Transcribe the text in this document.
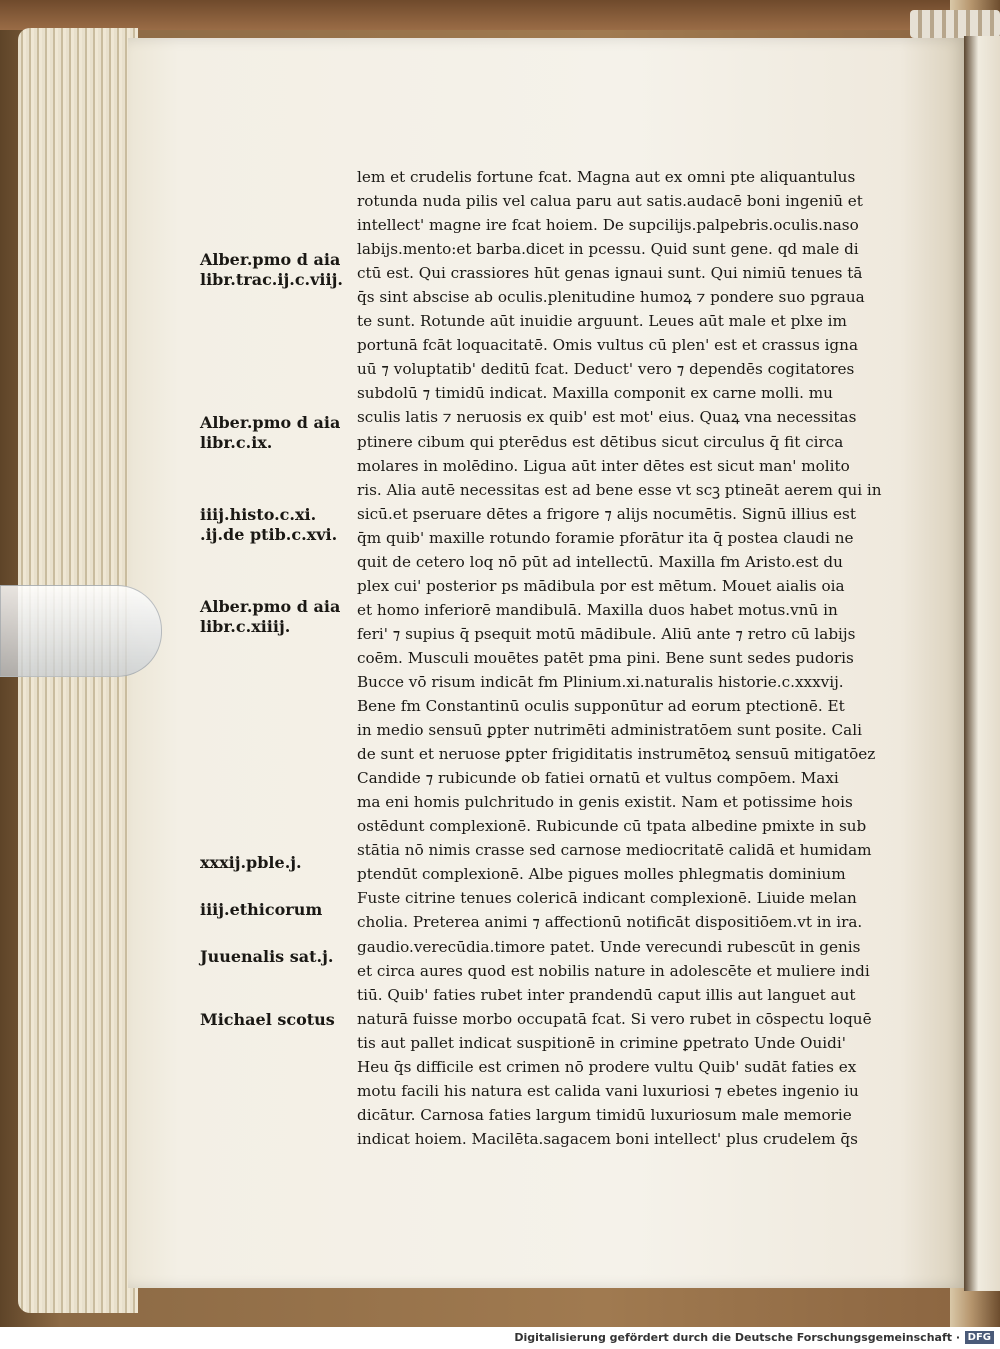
Alber.pmo d aia
libr.trac.ij.c.viij.
Alber.pmo d aia
libr.c.ix.
iiij.histo.c.xi.
.ij.de ptib.c.xvi.
Alber.pmo d aia
libr.c.xiiij.
xxxij.pble.j.
iiij.ethicorum
Juuenalis sat.j.
Michael scotus
lem et crudelis fortune fcat. Magna aut ex omni pte aliquantulus
rotunda nuda pilis vel calua paru aut satis.audacē boni ingeniū et
intellect' magne ire fcat hoiem. De supcilijs.palpebris.oculis.naso
labijs.mento:et barba.dicet in pcessu. Quid sunt gene. qd male di
ctū est. Qui crassiores hūt genas ignaui sunt. Qui nimiū tenues tā
q̄s sint abscise ab oculis.plenitudine humoꝝ ⁊ pondere suo pgraua
te sunt. Rotunde aūt inuidie arguunt. Leues aūt male et plxe im
portunā fcāt loquacitatē. Omis vultus cū plen' est et crassus igna
uū ⁊ voluptatib' deditū fcat. Deduct' vero ⁊ dependēs cogitatores
subdolū ⁊ timidū indicat. Maxilla componit ex carne molli. mu
sculis latis ⁊ neruosis ex quib' est mot' eius. Quaꝝ vna necessitas
ptinere cibum qui pterēdus est dētibus sicut circulus q̄ fit circa
molares in molēdino. Ligua aūt inter dētes est sicut man' molito
ris. Alia autē necessitas est ad bene esse vt scꝫ ptineāt aerem qui in
sicū.et pseruare dētes a frigore ⁊ alijs nocumētis. Signū illius est
q̄m quib' maxille rotundo foramie pforātur ita q̄ postea claudi ne
quit de cetero loq nō pūt ad intellectū. Maxilla fm Aristo.est du
plex cui' posterior ps mādibula por est mētum. Mouet aialis oia
et homo inferiorē mandibulā. Maxilla duos habet motus.vnū in
feri' ⁊ supius q̄ psequit motū mādibule. Aliū ante ⁊ retro cū labijs
coēm. Musculi mouētes patēt pma pini. Bene sunt sedes pudoris
Bucce vō risum indicāt fm Plinium.xi.naturalis historie.c.xxxvij.
Bene fm Constantinū oculis supponūtur ad eorum ptectionē. Et
in medio sensuū ꝑpter nutrimēti administratōem sunt posite. Cali
de sunt et neruose ꝑpter frigiditatis instrumētoꝝ sensuū mitigatōez
Candide ⁊ rubicunde ob fatiei ornatū et vultus compōem. Maxi
ma eni homis pulchritudo in genis existit. Nam et potissime hois
ostēdunt complexionē. Rubicunde cū tpata albedine pmixte in sub
stātia nō nimis crasse sed carnose mediocritatē calidā et humidam
ptendūt complexionē. Albe pigues molles phlegmatis dominium
Fuste citrine tenues colericā indicant complexionē. Liuide melan
cholia. Preterea animi ⁊ affectionū notificāt dispositiōem.vt in ira.
gaudio.verecūdia.timore patet. Unde verecundi rubescūt in genis
et circa aures quod est nobilis nature in adolescēte et muliere indi
tiū. Quib' faties rubet inter prandendū caput illis aut languet aut
naturā fuisse morbo occupatā fcat. Si vero rubet in cōspectu loquē
tis aut pallet indicat suspitionē in crimine ꝑpetrato Unde Ouidi'
Heu q̄s difficile est crimen nō prodere vultu Quib' sudāt faties ex
motu facili his natura est calida vani luxuriosi ⁊ ebetes ingenio iu
dicātur. Carnosa faties largum timidū luxuriosum male memorie
indicat hoiem. Macilēta.sagacem boni intellect' plus crudelem q̄s
Digitalisierung gefördert durch die Deutsche Forschungsgemeinschaft · DFG
